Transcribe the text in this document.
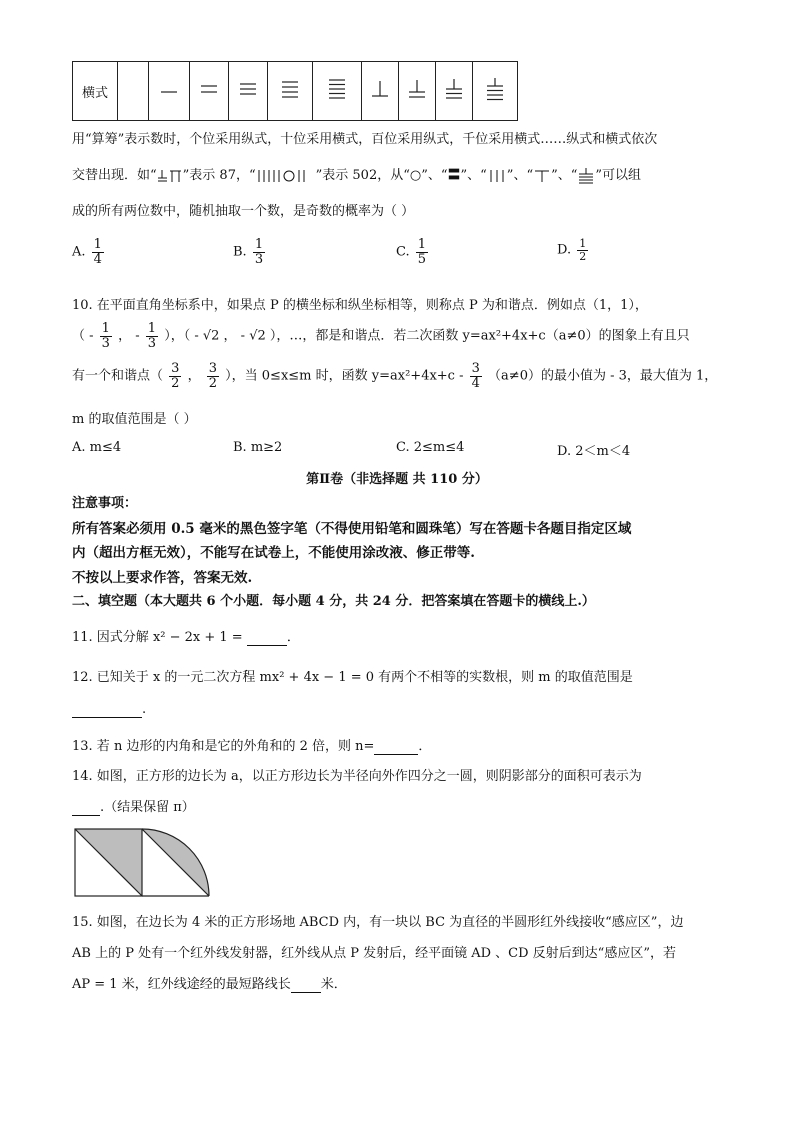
横式										
用“算筹”表示数时，个位采用纵式，十位采用横式，百位采用纵式，千位采用横式……纵式和横式依次
交替出现．如“ ”表示 87，“	”表示 502，从“○”、“〓”、“ ”、“ ”、“ ”可以组
成的所有两位数中，随机抽取一个数，是奇数的概率为（ ）
A. $\frac{1}{4}$	B. $\frac{1}{3}$	C. $\frac{1}{5}$	D. $\frac{1}{2}$
10. 在平面直角坐标系中，如果点 P 的横坐标和纵坐标相等，则称点 P 为和谐点．例如点（1，1），
（ - $\frac{1}{3}$ ， - $\frac{1}{3}$ ），（ - √2 ， - √2 ），…，都是和谐点．若二次函数 y=ax²+4x+c（a≠0）的图象上有且只
有一个和谐点（ $\frac{3}{2}$ ， $\frac{3}{2}$ ），当 0≤x≤m 时，函数 $y=ax^2+4x+c - \frac{3}{4} (a\ne 0)$的最小值为 - 3，最大值为 1，
m 的取值范围是（ ）
A. m≤4	B. m≥2	C. 2≤m≤4	D. 2＜m＜4
第Ⅱ卷（非选择题 共 110 分）
注意事项：
所有答案必须用 0.5 毫米的黑色签字笔（不得使用铅笔和圆珠笔）写在答题卡各题目指定区域
内（超出方框无效），不能写在试卷上，不能使用涂改液、修正带等.
不按以上要求作答，答案无效.
二、填空题（本大题共 6 个小题．每小题 4 分，共 24 分．把答案填在答题卡的横线上.）
11. 因式分解 x² − 2x + 1 =	．
12. 已知关于 x 的一元二次方程 mx² + 4x − 1 = 0 有两个不相等的实数根，则 m 的取值范围是
.
13. 若 n 边形的内角和是它的外角和的 2 倍，则 n=	．
14. 如图，正方形的边长为 a，以正方形边长为半径向外作四分之一圆，则阴影部分的面积可表示为
.（结果保留 π）
15. 如图，在边长为 4 米的正方形场地 ABCD 内，有一块以 BC 为直径的半圆形红外线接收“感应区”，边
AB 上的 P 处有一个红外线发射器，红外线从点 P 发射后，经平面镜 AD 、CD 反射后到达“感应区”，若
AP = 1 米，红外线途经的最短路线长 米．
